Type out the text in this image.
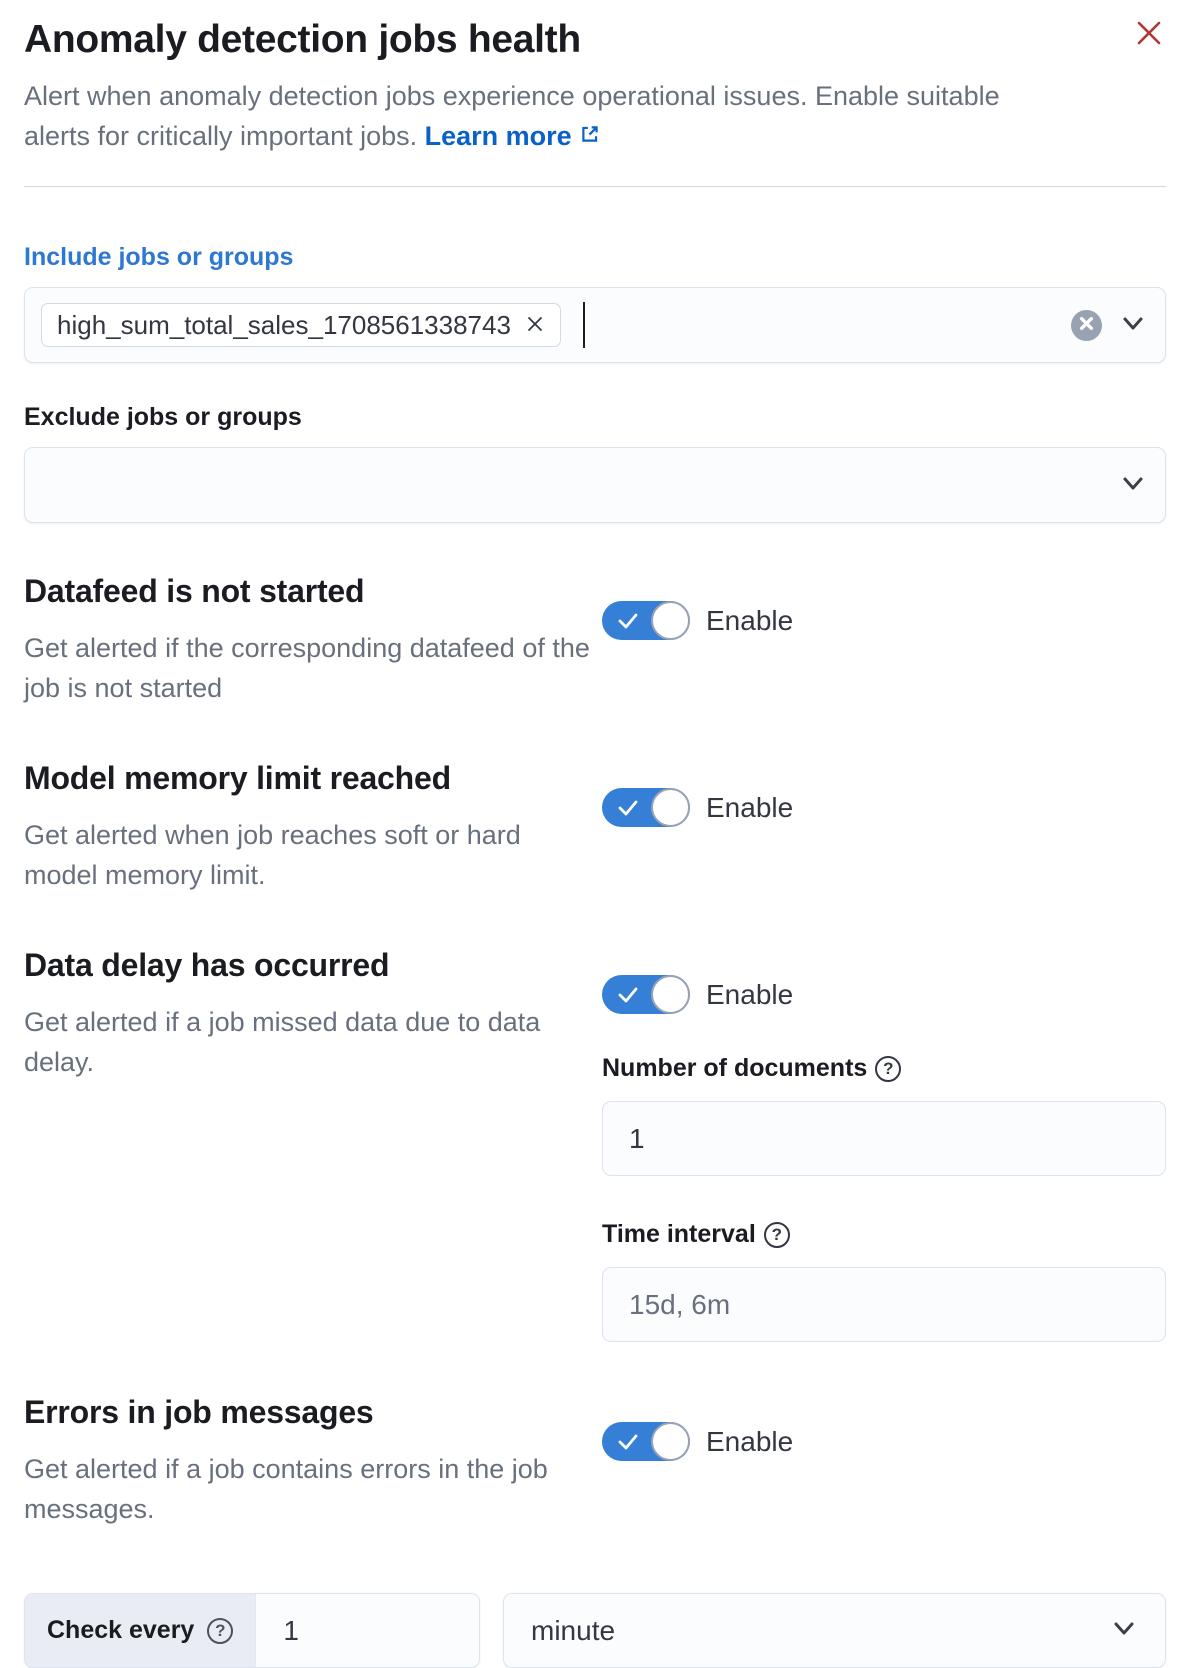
Anomaly detection jobs health

Alert when anomaly detection jobs experience operational issues. Enable suitable alerts for critically important jobs. Learn more

Include jobs or groups
high_sum_total_sales_1708561338743
Exclude jobs or groups
Datafeed is not started

Get alerted if the corresponding datafeed of the job is not started

Enable
Model memory limit reached

Get alerted when job reaches soft or hard model memory limit.

Enable
Data delay has occurred

Get alerted if a job missed data due to data delay.

Enable
Number of documents ?
1
Time interval ?
15d, 6m
Errors in job messages

Get alerted if a job contains errors in the job messages.

Enable
Check every	?
1	minute
